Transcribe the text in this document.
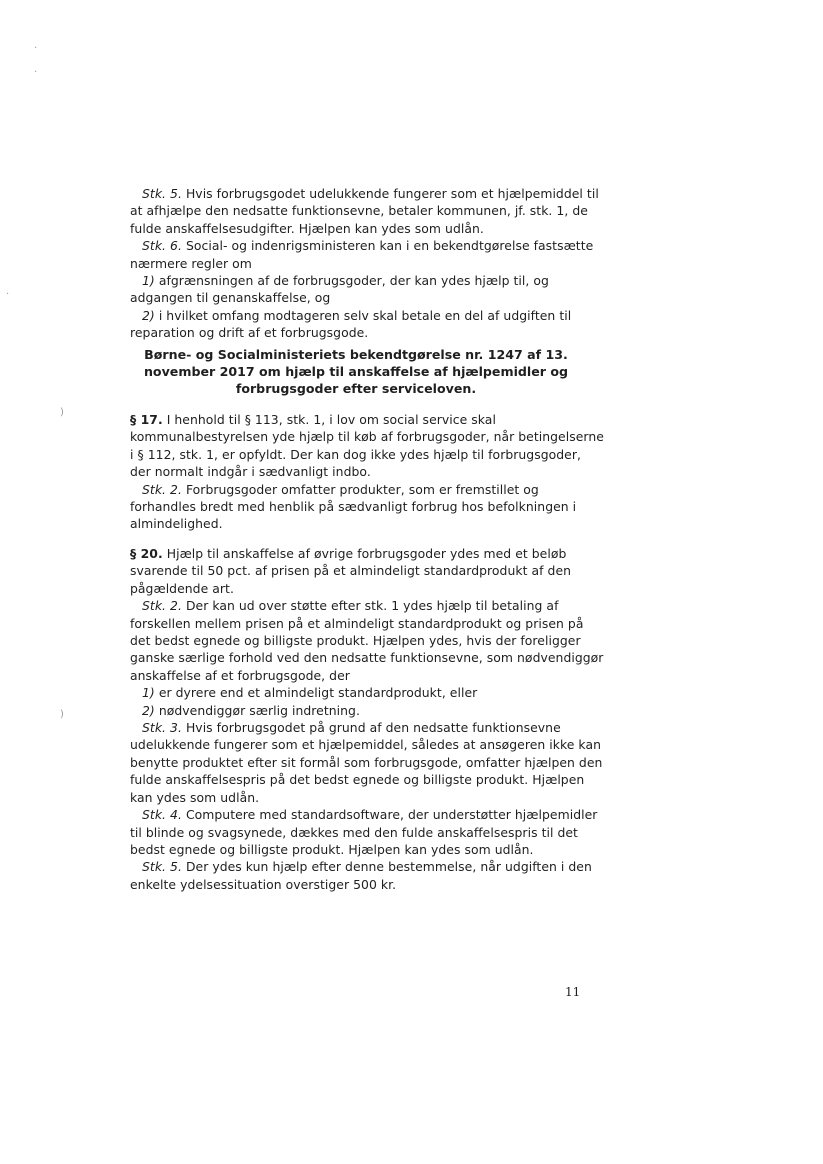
·
·
·
)
)
Stk. 5. Hvis forbrugsgodet udelukkende fungerer som et hjælpemiddel til
at afhjælpe den nedsatte funktionsevne, betaler kommunen, jf. stk. 1, de
fulde anskaffelsesudgifter. Hjælpen kan ydes som udlån.
Stk. 6. Social- og indenrigsministeren kan i en bekendtgørelse fastsætte
nærmere regler om
1) afgrænsningen af de forbrugsgoder, der kan ydes hjælp til, og
adgangen til genanskaffelse, og
2) i hvilket omfang modtageren selv skal betale en del af udgiften til
reparation og drift af et forbrugsgode.
Børne- og Socialministeriets bekendtgørelse nr. 1247 af 13.
november 2017 om hjælp til anskaffelse af hjælpemidler og
forbrugsgoder efter serviceloven.
§ 17. I henhold til § 113, stk. 1, i lov om social service skal
kommunalbestyrelsen yde hjælp til køb af forbrugsgoder, når betingelserne
i § 112, stk. 1, er opfyldt. Der kan dog ikke ydes hjælp til forbrugsgoder,
der normalt indgår i sædvanligt indbo.
Stk. 2. Forbrugsgoder omfatter produkter, som er fremstillet og
forhandles bredt med henblik på sædvanligt forbrug hos befolkningen i
almindelighed.
§ 20. Hjælp til anskaffelse af øvrige forbrugsgoder ydes med et beløb
svarende til 50 pct. af prisen på et almindeligt standardprodukt af den
pågældende art.
Stk. 2. Der kan ud over støtte efter stk. 1 ydes hjælp til betaling af
forskellen mellem prisen på et almindeligt standardprodukt og prisen på
det bedst egnede og billigste produkt. Hjælpen ydes, hvis der foreligger
ganske særlige forhold ved den nedsatte funktionsevne, som nødvendiggør
anskaffelse af et forbrugsgode, der
1) er dyrere end et almindeligt standardprodukt, eller
2) nødvendiggør særlig indretning.
Stk. 3. Hvis forbrugsgodet på grund af den nedsatte funktionsevne
udelukkende fungerer som et hjælpemiddel, således at ansøgeren ikke kan
benytte produktet efter sit formål som forbrugsgode, omfatter hjælpen den
fulde anskaffelsespris på det bedst egnede og billigste produkt. Hjælpen
kan ydes som udlån.
Stk. 4. Computere med standardsoftware, der understøtter hjælpemidler
til blinde og svagsynede, dækkes med den fulde anskaffelsespris til det
bedst egnede og billigste produkt. Hjælpen kan ydes som udlån.
Stk. 5. Der ydes kun hjælp efter denne bestemmelse, når udgiften i den
enkelte ydelsessituation overstiger 500 kr.
11
